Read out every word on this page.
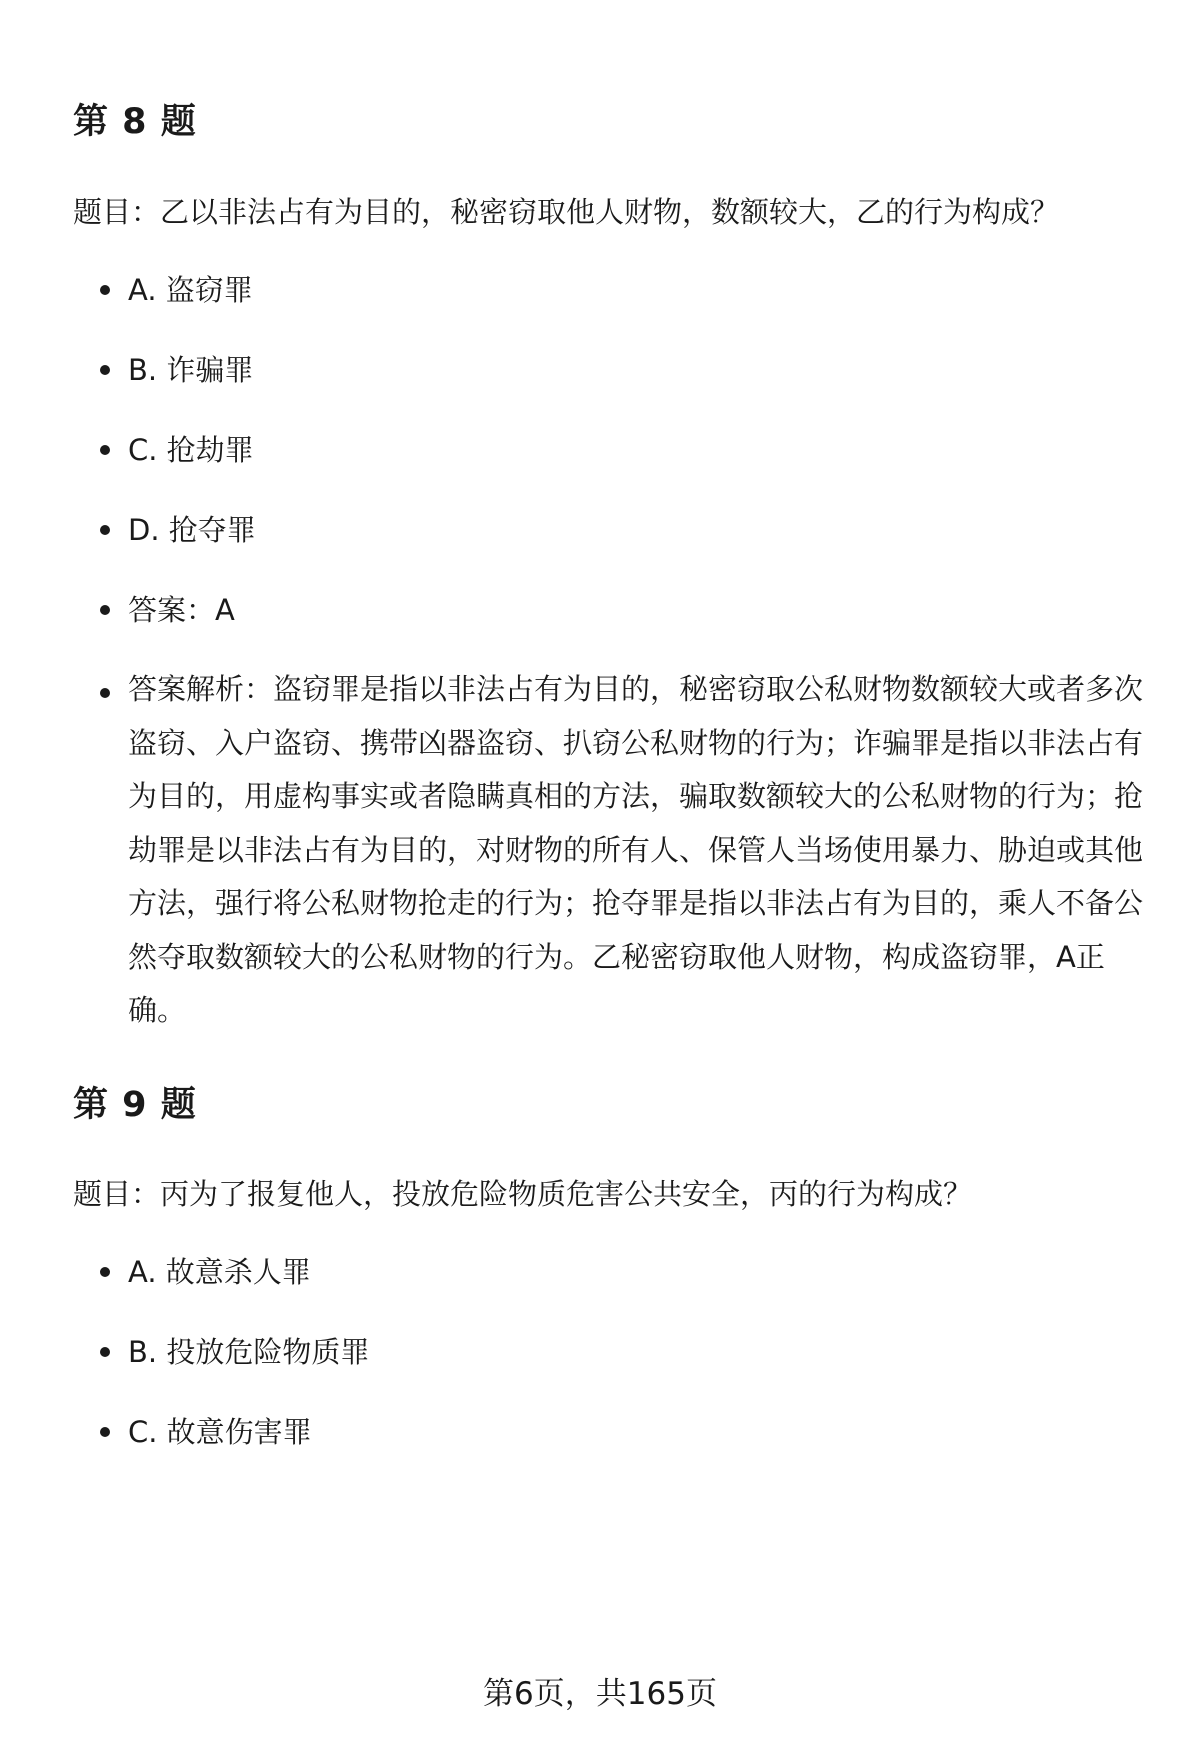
第 8 题

题目：乙以非法占有为目的，秘密窃取他人财物，数额较大，乙的行为构成？

A. 盗窃罪
B. 诈骗罪
C. 抢劫罪
D. 抢夺罪
答案：A
答案解析：盗窃罪是指以非法占有为目的，秘密窃取公私财物数额较大或者多次盗窃、入户盗窃、携带凶器盗窃、扒窃公私财物的行为；诈骗罪是指以非法占有为目的，用虚构事实或者隐瞒真相的方法，骗取数额较大的公私财物的行为；抢劫罪是以非法占有为目的，对财物的所有人、保管人当场使用暴力、胁迫或其他方法，强行将公私财物抢走的行为；抢夺罪是指以非法占有为目的，乘人不备公然夺取数额较大的公私财物的行为。乙秘密窃取他人财物，构成盗窃罪，A正确。
第 9 题

题目：丙为了报复他人，投放危险物质危害公共安全，丙的行为构成？

A. 故意杀人罪
B. 投放危险物质罪
C. 故意伤害罪
第6页，共165页
